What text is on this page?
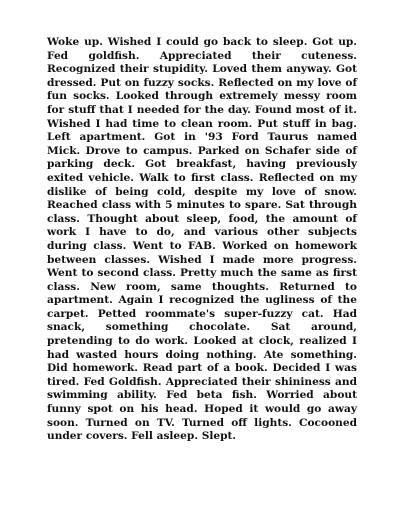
Woke up. Wished I could go back to sleep. Got up. Fed goldfish. Appreciated their cuteness. Recognized their stupidity. Loved them anyway. Got dressed. Put on fuzzy socks. Reflected on my love of fun socks. Looked through extremely messy room for stuff that I needed for the day. Found most of it. Wished I had time to clean room. Put stuff in bag. Left apartment. Got in '93 Ford Taurus named Mick. Drove to campus. Parked on Schafer side of parking deck. Got breakfast, having previously exited vehicle. Walk to first class. Reflected on my dislike of being cold, despite my love of snow. Reached class with 5 minutes to spare. Sat through class. Thought about sleep, food, the amount of work I have to do, and various other subjects during class. Went to FAB. Worked on homework between classes. Wished I made more progress. Went to second class. Pretty much the same as first class. New room, same thoughts. Returned to apartment. Again I recognized the ugliness of the carpet. Petted roommate's super-fuzzy cat. Had snack, something chocolate. Sat around, pretending to do work. Looked at clock, realized I had wasted hours doing nothing. Ate something. Did homework. Read part of a book. Decided I was tired. Fed Goldfish. Appreciated their shininess and swimming ability. Fed beta fish. Worried about funny spot on his head. Hoped it would go away soon. Turned on TV. Turned off lights. Cocooned under covers. Fell asleep. Slept.
